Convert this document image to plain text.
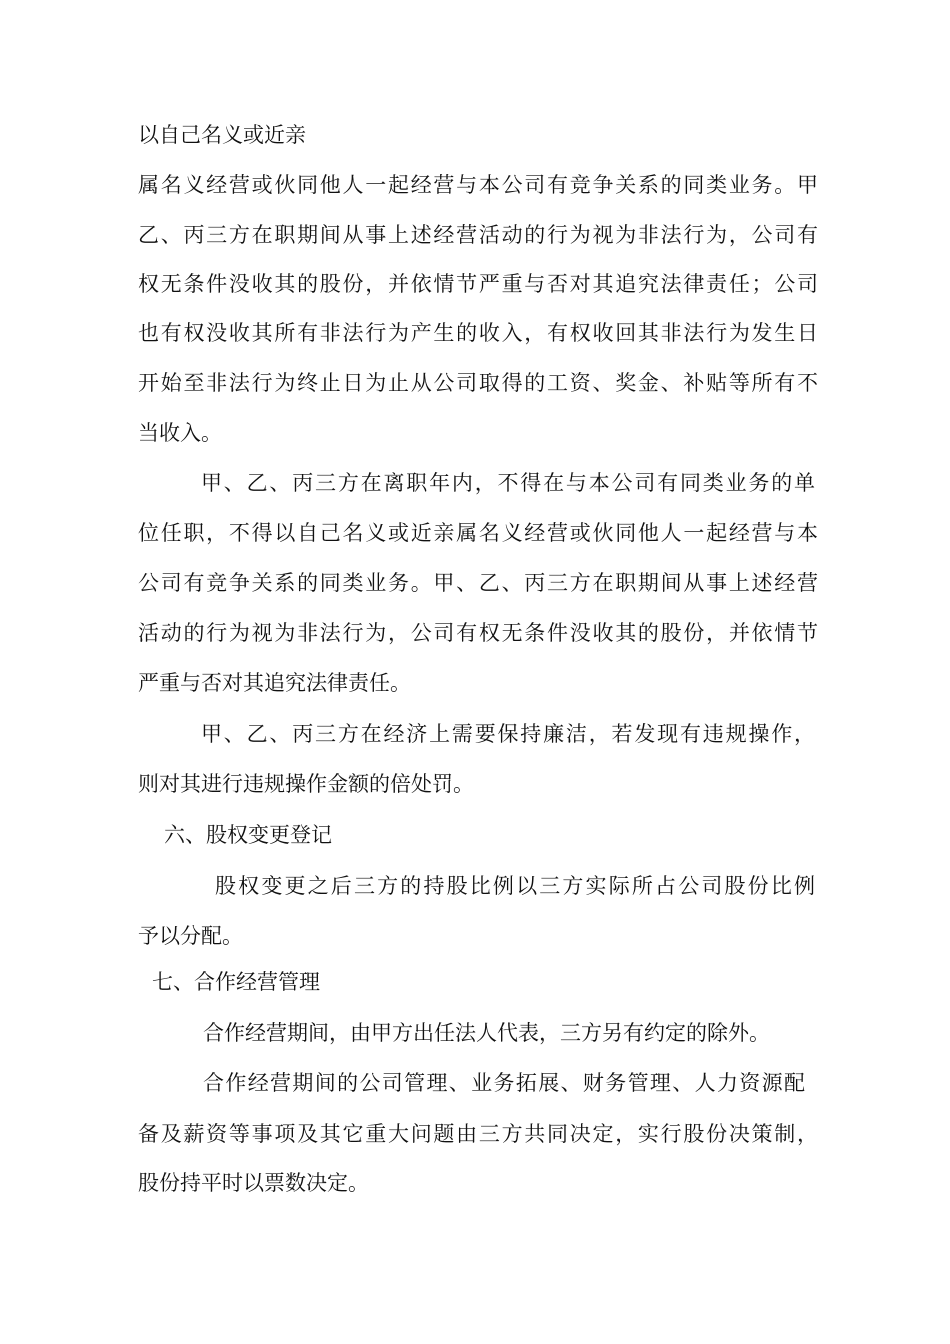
以自己名义或近亲
属名义经营或伙同他人一起经营与本公司有竞争关系的同类业务。甲
乙、丙三方在职期间从事上述经营活动的行为视为非法行为，公司有
权无条件没收其的股份，并依情节严重与否对其追究法律责任；公司
也有权没收其所有非法行为产生的收入，有权收回其非法行为发生日
开始至非法行为终止日为止从公司取得的工资、奖金、补贴等所有不
当收入。
甲、乙、丙三方在离职年内，不得在与本公司有同类业务的单
位任职，不得以自己名义或近亲属名义经营或伙同他人一起经营与本
公司有竞争关系的同类业务。甲、乙、丙三方在职期间从事上述经营
活动的行为视为非法行为，公司有权无条件没收其的股份，并依情节
严重与否对其追究法律责任。
甲、乙、丙三方在经济上需要保持廉洁，若发现有违规操作，
则对其进行违规操作金额的倍处罚。
六、股权变更登记
股权变更之后三方的持股比例以三方实际所占公司股份比例
予以分配。
七、合作经营管理
合作经营期间，由甲方出任法人代表，三方另有约定的除外。
合作经营期间的公司管理、业务拓展、财务管理、人力资源配
备及薪资等事项及其它重大问题由三方共同决定，实行股份决策制，
股份持平时以票数决定。
